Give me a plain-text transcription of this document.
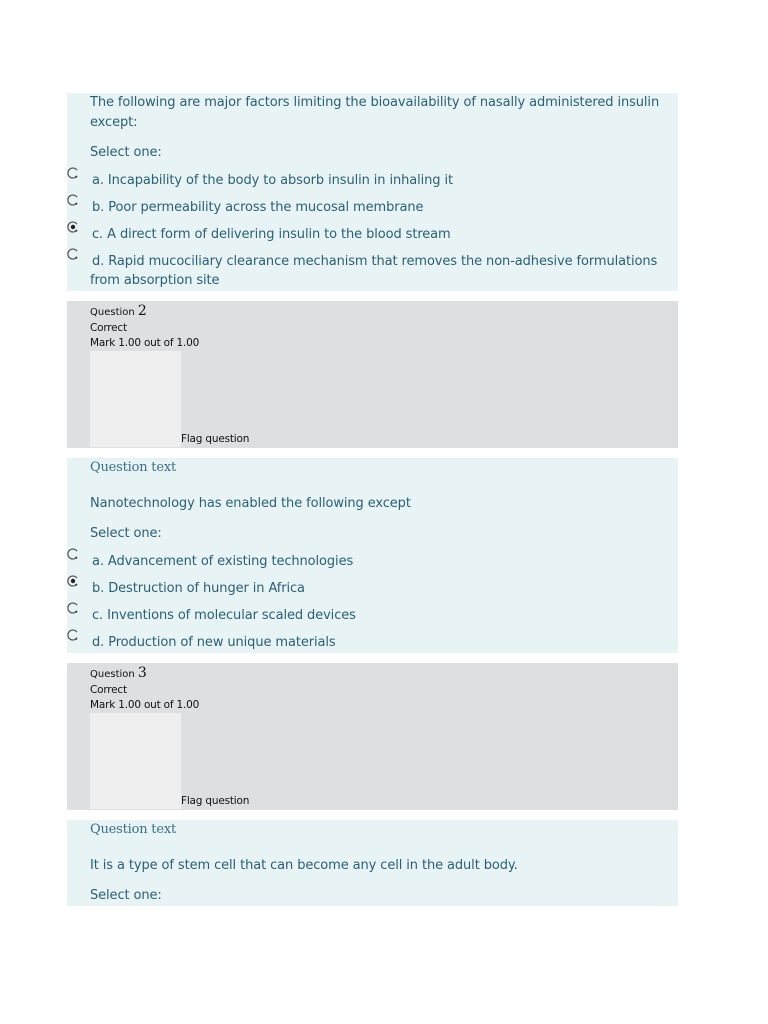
The following are major factors limiting the bioavailability of nasally administered insulin
except:
Select one:
a. Incapability of the body to absorb insulin in inhaling it
b. Poor permeability across the mucosal membrane
c. A direct form of delivering insulin to the blood stream
d. Rapid mucociliary clearance mechanism that removes the non-adhesive formulations
from absorption site
Question 2
Correct
Mark 1.00 out of 1.00
Flag question
Question text
Nanotechnology has enabled the following except
Select one:
a. Advancement of existing technologies
b. Destruction of hunger in Africa
c. Inventions of molecular scaled devices
d. Production of new unique materials
Question 3
Correct
Mark 1.00 out of 1.00
Flag question
Question text
It is a type of stem cell that can become any cell in the adult body.
Select one:
